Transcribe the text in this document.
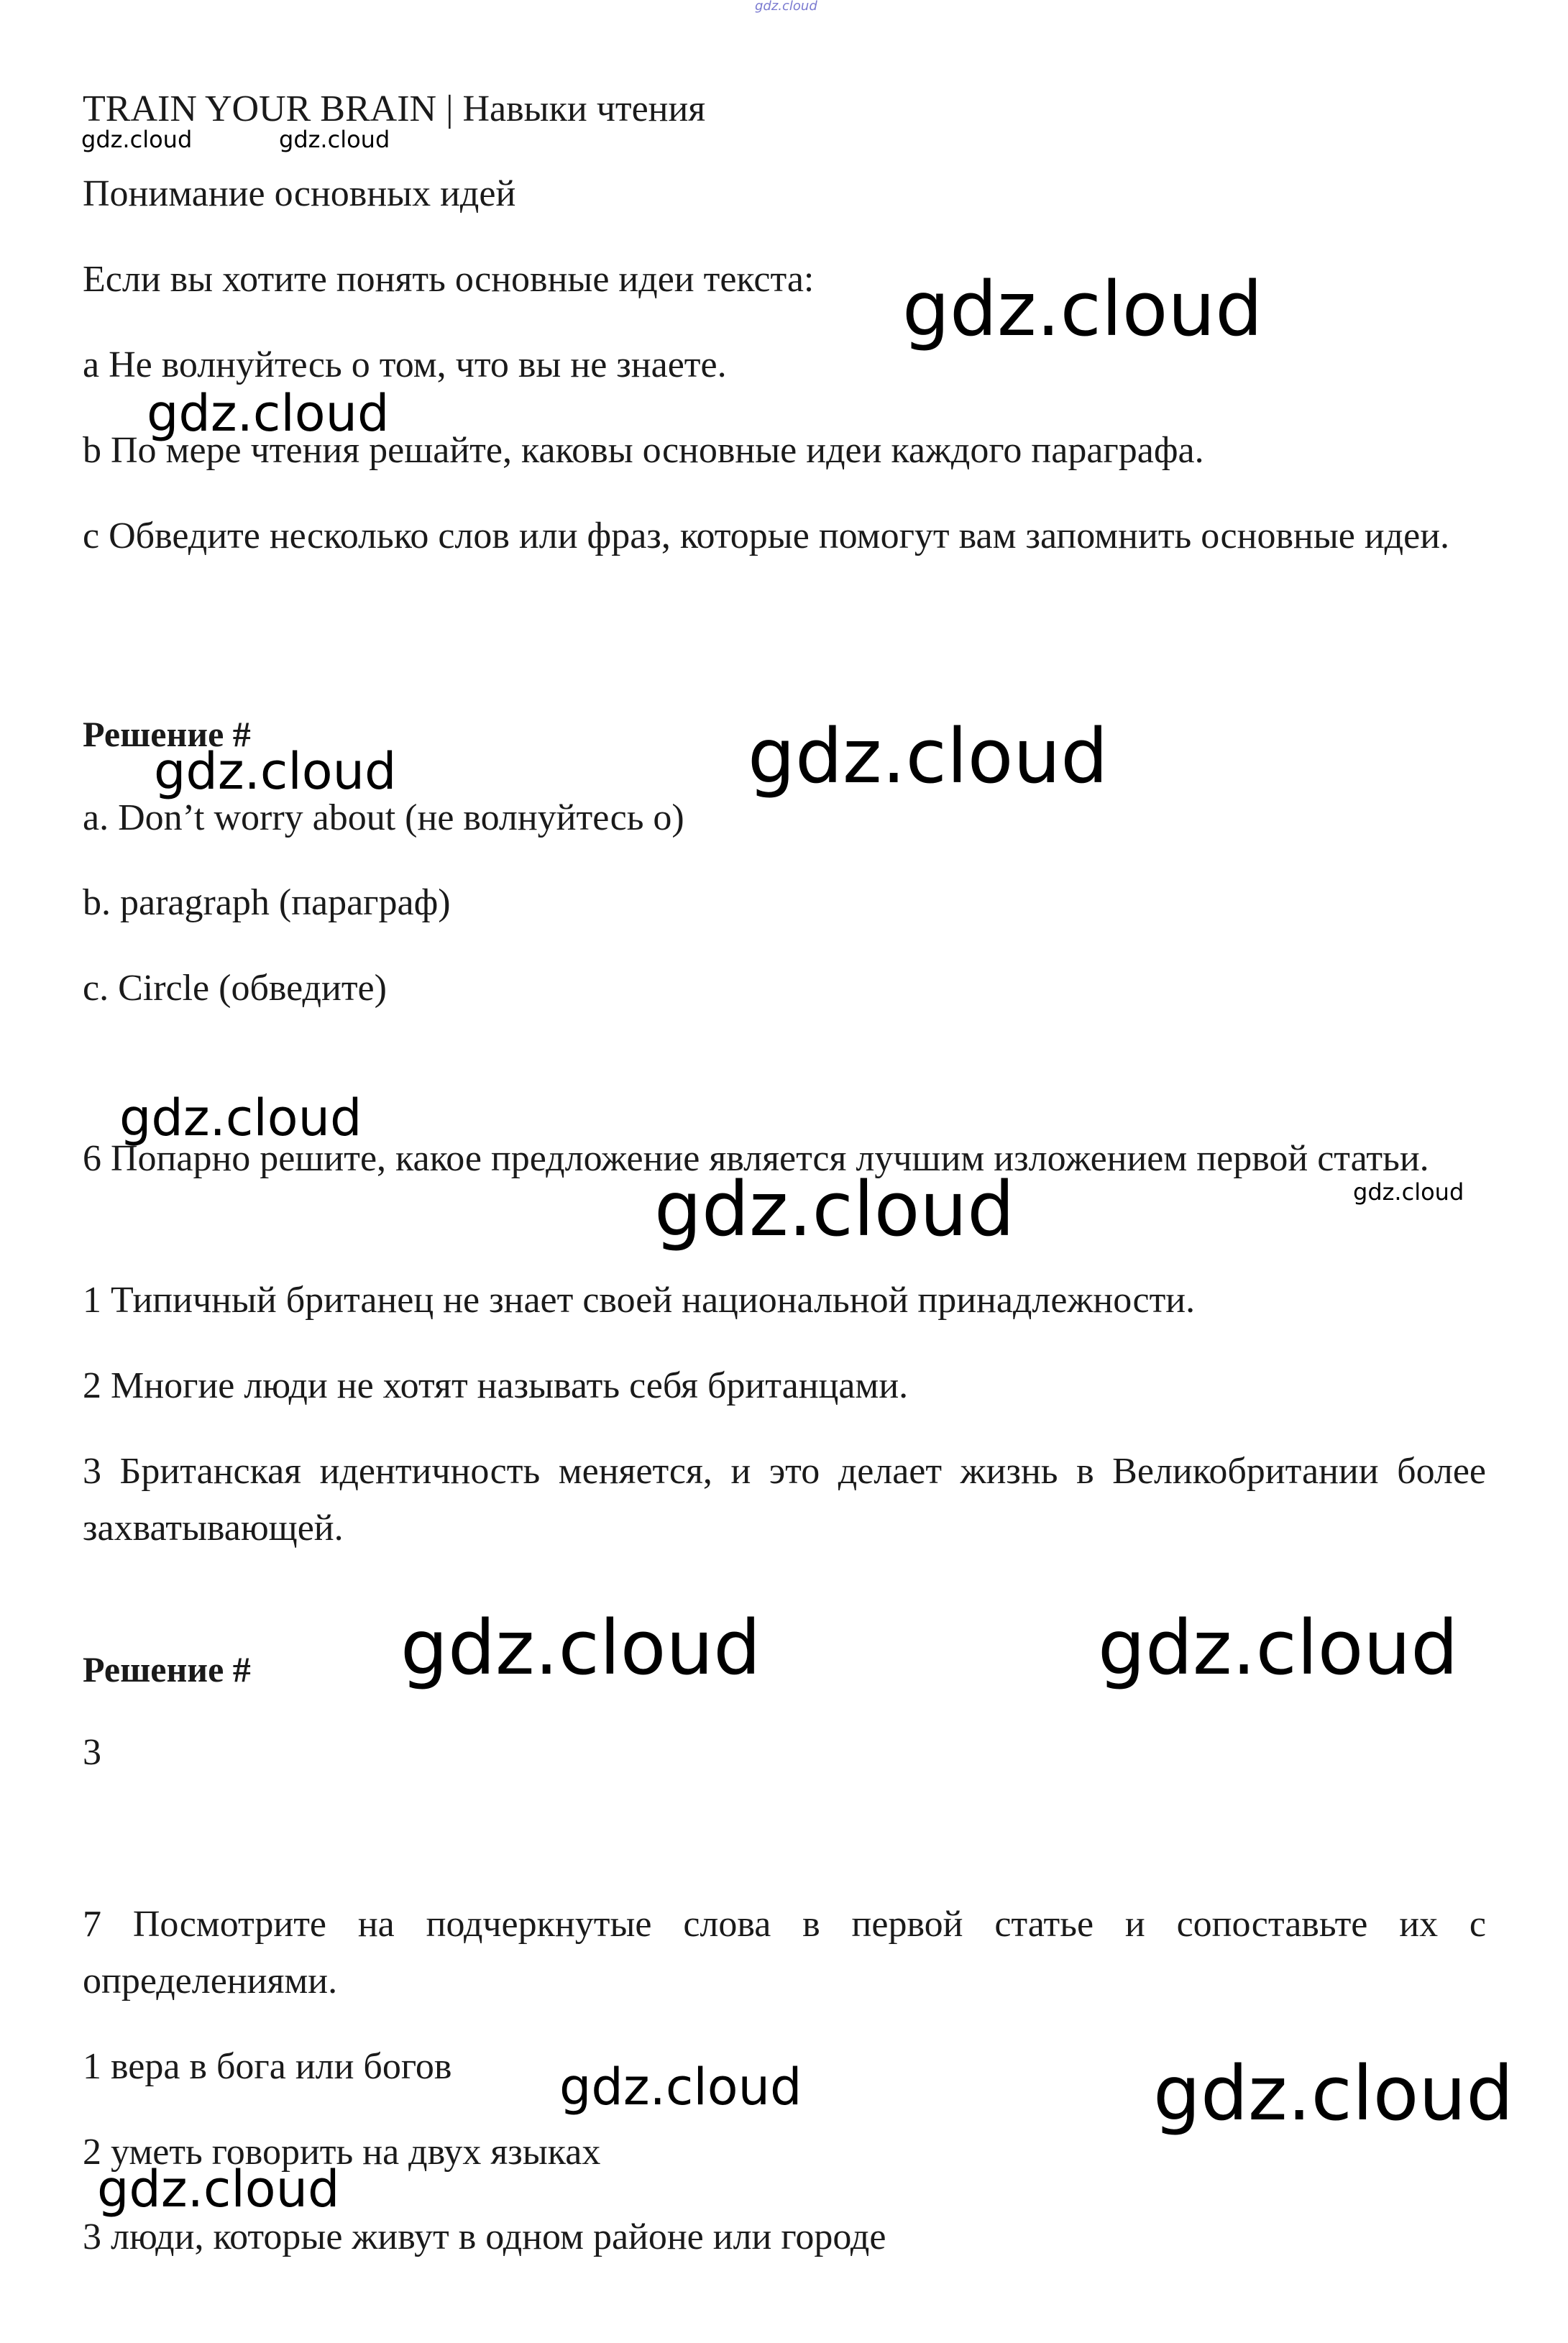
gdz.cloud
gdz.cloud	gdz.cloud
gdz.cloud
gdz.cloud
gdz.cloud
gdz.cloud
gdz.cloud
gdz.cloud	gdz.cloud
gdz.cloud	gdz.cloud
gdz.cloud	gdz.cloud
gdz.cloud
TRAIN YOUR BRAIN | Навыки чтения
Понимание основных идей
Если вы хотите понять основные идеи текста:
a Не волнуйтесь о том, что вы не знаете.
b По мере чтения решайте, каковы основные идеи каждого параграфа.
c Обведите несколько слов или фраз, которые помогут вам запомнить основные идеи.
Решение #
a. Don’t worry about (не волнуйтесь о)
b. paragraph (параграф)
c. Circle (обведите)
6 Попарно решите, какое предложение является лучшим изложением первой статьи.
1 Типичный британец не знает своей национальной принадлежности.
2 Многие люди не хотят называть себя британцами.
3 Британская идентичность меняется, и это делает жизнь в Великобритании более захватывающей.
Решение #
3
7 Посмотрите на подчеркнутые слова в первой статье и сопоставьте их с определениями.
1 вера в бога или богов
2 уметь говорить на двух языках
3 люди, которые живут в одном районе или городе
